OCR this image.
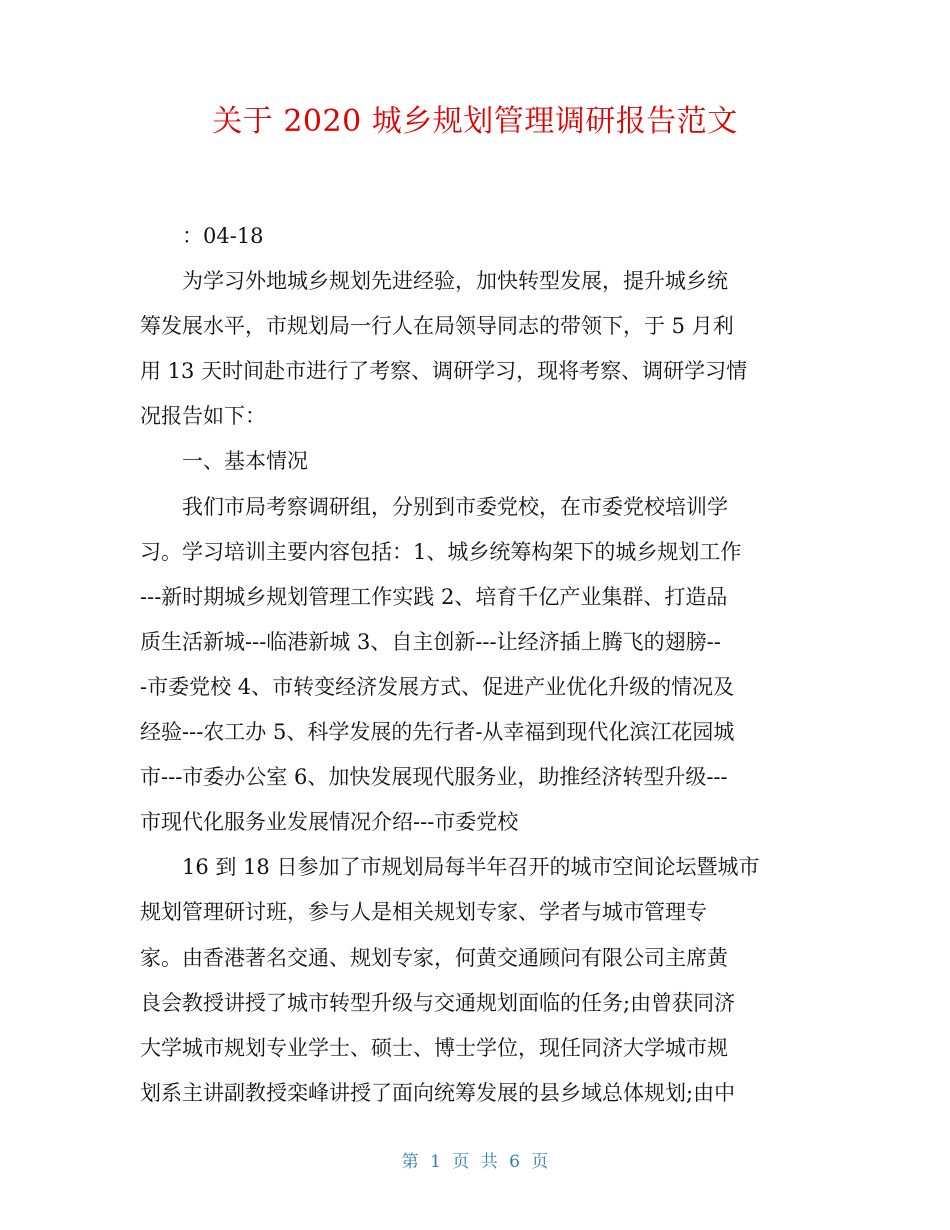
关于 2020 城乡规划管理调研报告范文
：04-18
为学习外地城乡规划先进经验，加快转型发展，提升城乡统
筹发展水平，市规划局一行人在局领导同志的带领下，于 5 月利
用 13 天时间赴市进行了考察、调研学习，现将考察、调研学习情
况报告如下：
一、基本情况
我们市局考察调研组，分别到市委党校，在市委党校培训学
习。学习培训主要内容包括：1、城乡统筹构架下的城乡规划工作
---新时期城乡规划管理工作实践 2、培育千亿产业集群、打造品
质生活新城---临港新城 3、自主创新---让经济插上腾飞的翅膀--
-市委党校 4、市转变经济发展方式、促进产业优化升级的情况及
经验---农工办 5、科学发展的先行者-从幸福到现代化滨江花园城
市---市委办公室 6、加快发展现代服务业，助推经济转型升级---
市现代化服务业发展情况介绍---市委党校
16 到 18 日参加了市规划局每半年召开的城市空间论坛暨城市
规划管理研讨班，参与人是相关规划专家、学者与城市管理专
家。由香港著名交通、规划专家，何黄交通顾问有限公司主席黄
良会教授讲授了城市转型升级与交通规划面临的任务;由曾获同济
大学城市规划专业学士、硕士、博士学位，现任同济大学城市规
划系主讲副教授栾峰讲授了面向统筹发展的县乡域总体规划;由中
第 1 页 共 6 页
